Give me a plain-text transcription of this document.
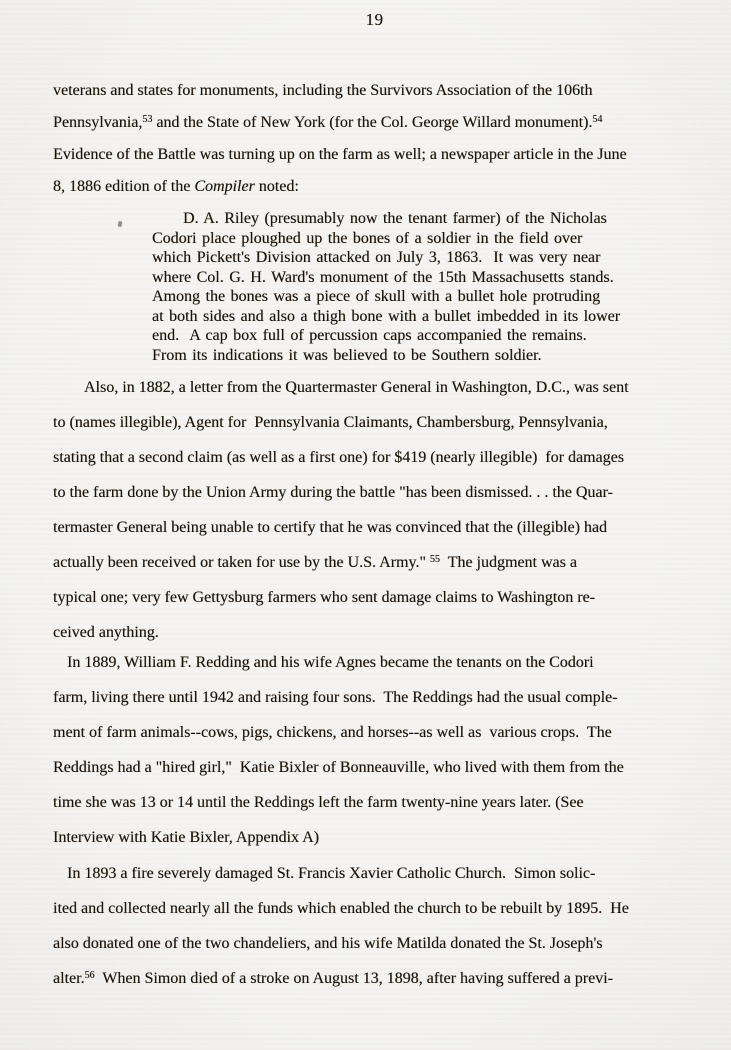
19
veterans and states for monuments, including the Survivors Association of the 106th
Pennsylvania,$^{53}$ and the State of New York (for the Col. George Willard monument).$^{54}$
Evidence of the Battle was turning up on the farm as well; a newspaper article in the June
8, 1886 edition of the Compiler noted:
D. A. Riley (presumably now the tenant farmer) of the Nicholas
Codori place ploughed up the bones of a soldier in the field over
which Pickett's Division attacked on July 3, 1863.  It was very near
where Col. G. H. Ward's monument of the 15th Massachusetts stands.
Among the bones was a piece of skull with a bullet hole protruding
at both sides and also a thigh bone with a bullet imbedded in its lower
end.  A cap box full of percussion caps accompanied the remains.
From its indications it was believed to be Southern soldier.
Also, in 1882, a letter from the Quartermaster General in Washington, D.C., was sent
to (names illegible), Agent for  Pennsylvania Claimants, Chambersburg, Pennsylvania,
stating that a second claim (as well as a first one) for $419 (nearly illegible)  for damages
to the farm done by the Union Army during the battle "has been dismissed. . . the Quar-
termaster General being unable to certify that he was convinced that the (illegible) had
actually been received or taken for use by the U.S. Army." $^{55}$  The judgment was a
typical one; very few Gettysburg farmers who sent damage claims to Washington re-
ceived anything.
In 1889, William F. Redding and his wife Agnes became the tenants on the Codori
farm, living there until 1942 and raising four sons.  The Reddings had the usual comple-
ment of farm animals--cows, pigs, chickens, and horses--as well as  various crops.  The
Reddings had a "hired girl,"  Katie Bixler of Bonneauville, who lived with them from the
time she was 13 or 14 until the Reddings left the farm twenty-nine years later. (See
Interview with Katie Bixler, Appendix A)
In 1893 a fire severely damaged St. Francis Xavier Catholic Church.  Simon solic-
ited and collected nearly all the funds which enabled the church to be rebuilt by 1895.  He
also donated one of the two chandeliers, and his wife Matilda donated the St. Joseph's
alter.$^{56}$  When Simon died of a stroke on August 13, 1898, after having suffered a previ-
